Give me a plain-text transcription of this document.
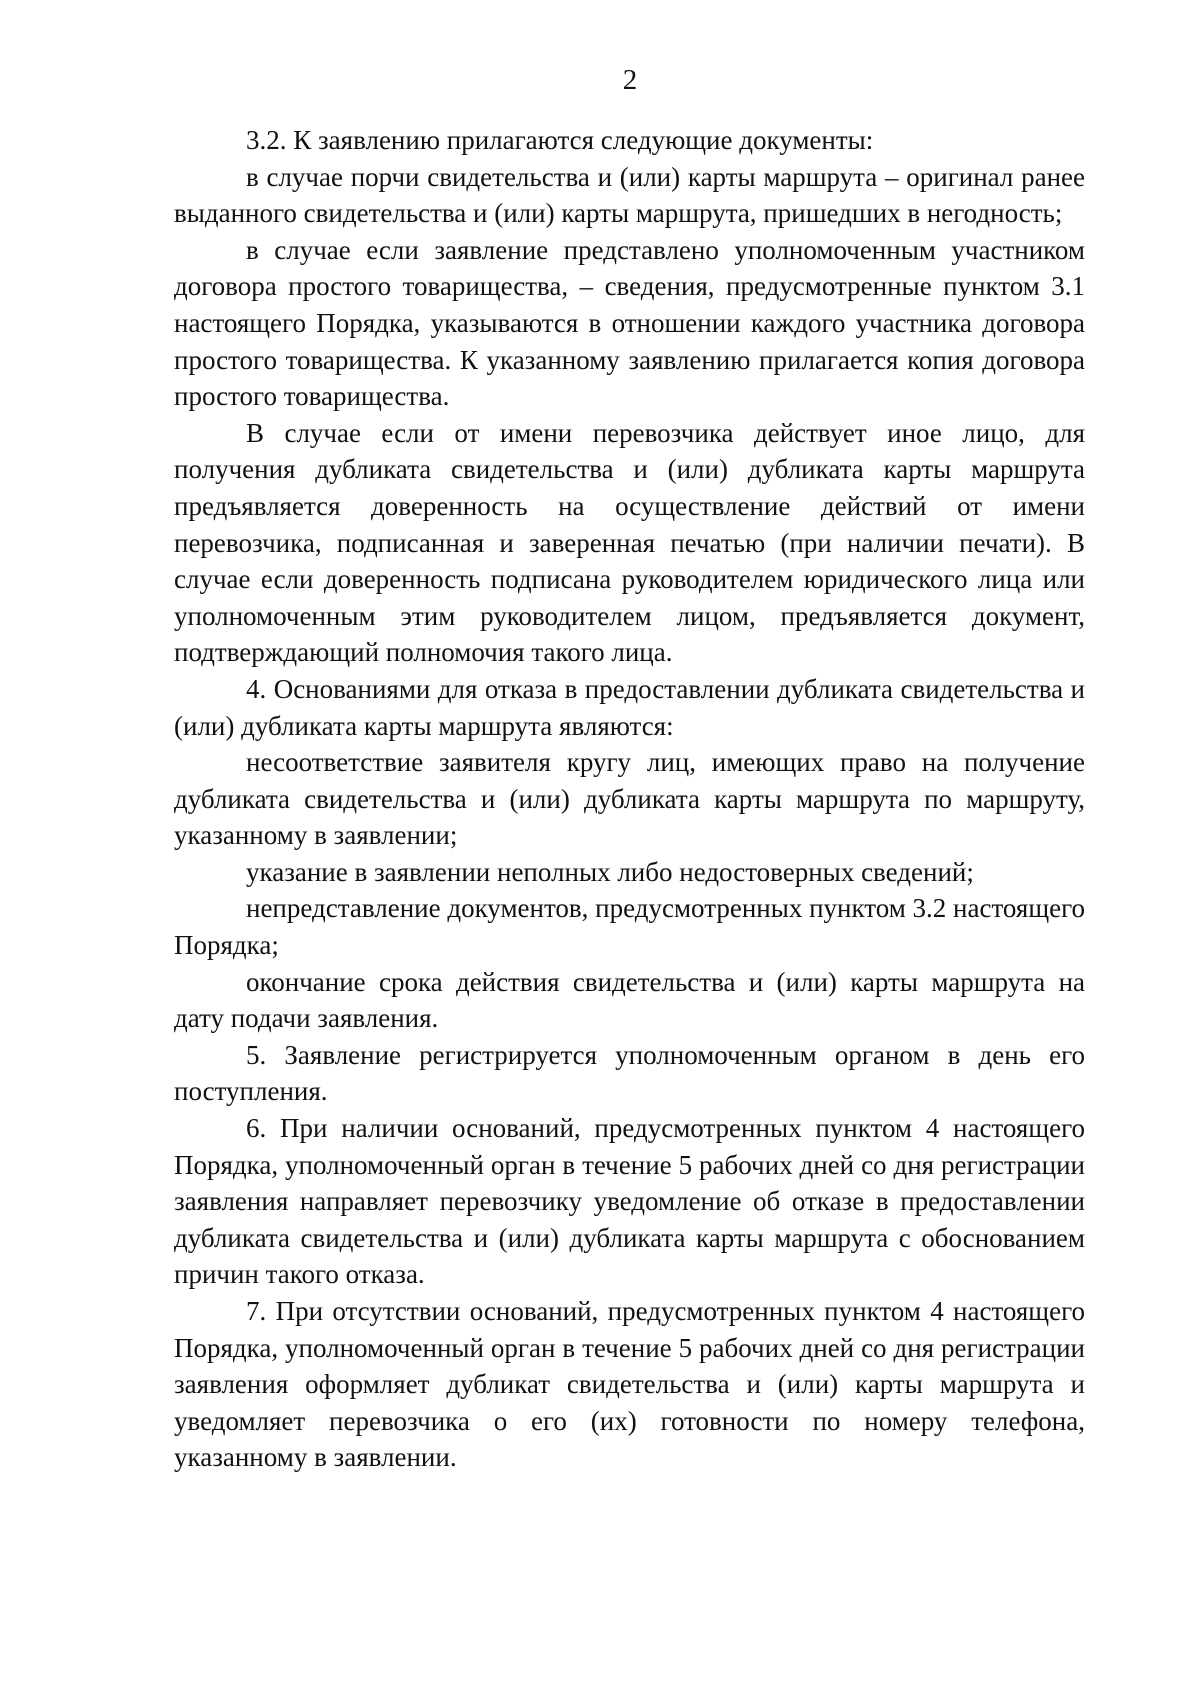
2

3.2. К заявлению прилагаются следующие документы:

в случае порчи свидетельства и (или) карты маршрута – оригинал ранее выданного свидетельства и (или) карты маршрута, пришедших в негодность;

в случае если заявление представлено уполномоченным участником договора простого товарищества, – сведения, предусмотренные пунктом 3.1 настоящего Порядка, указываются в отношении каждого участника договора простого товарищества. К указанному заявлению прилагается копия договора простого товарищества.

В случае если от имени перевозчика действует иное лицо, для получения дубликата свидетельства и (или) дубликата карты маршрута предъявляется доверенность на осуществление действий от имени перевозчика, подписанная и заверенная печатью (при наличии печати). В случае если доверенность подписана руководителем юридического лица или уполномоченным этим руководителем лицом, предъявляется документ, подтверждающий полномочия такого лица.

4. Основаниями для отказа в предоставлении дубликата свидетельства и (или) дубликата карты маршрута являются:

несоответствие заявителя кругу лиц, имеющих право на получение дубликата свидетельства и (или) дубликата карты маршрута по маршруту, указанному в заявлении;

указание в заявлении неполных либо недостоверных сведений;

непредставление документов, предусмотренных пунктом 3.2 настоящего Порядка;

окончание срока действия свидетельства и (или) карты маршрута на дату подачи заявления.

5. Заявление регистрируется уполномоченным органом в день его поступления.

6. При наличии оснований, предусмотренных пунктом 4 настоящего Порядка, уполномоченный орган в течение 5 рабочих дней со дня регистрации заявления направляет перевозчику уведомление об отказе в предоставлении дубликата свидетельства и (или) дубликата карты маршрута с обоснованием причин такого отказа.

7. При отсутствии оснований, предусмотренных пунктом 4 настоящего Порядка, уполномоченный орган в течение 5 рабочих дней со дня регистрации заявления оформляет дубликат свидетельства и (или) карты маршрута и уведомляет перевозчика о его (их) готовности по номеру телефона, указанному в заявлении.
